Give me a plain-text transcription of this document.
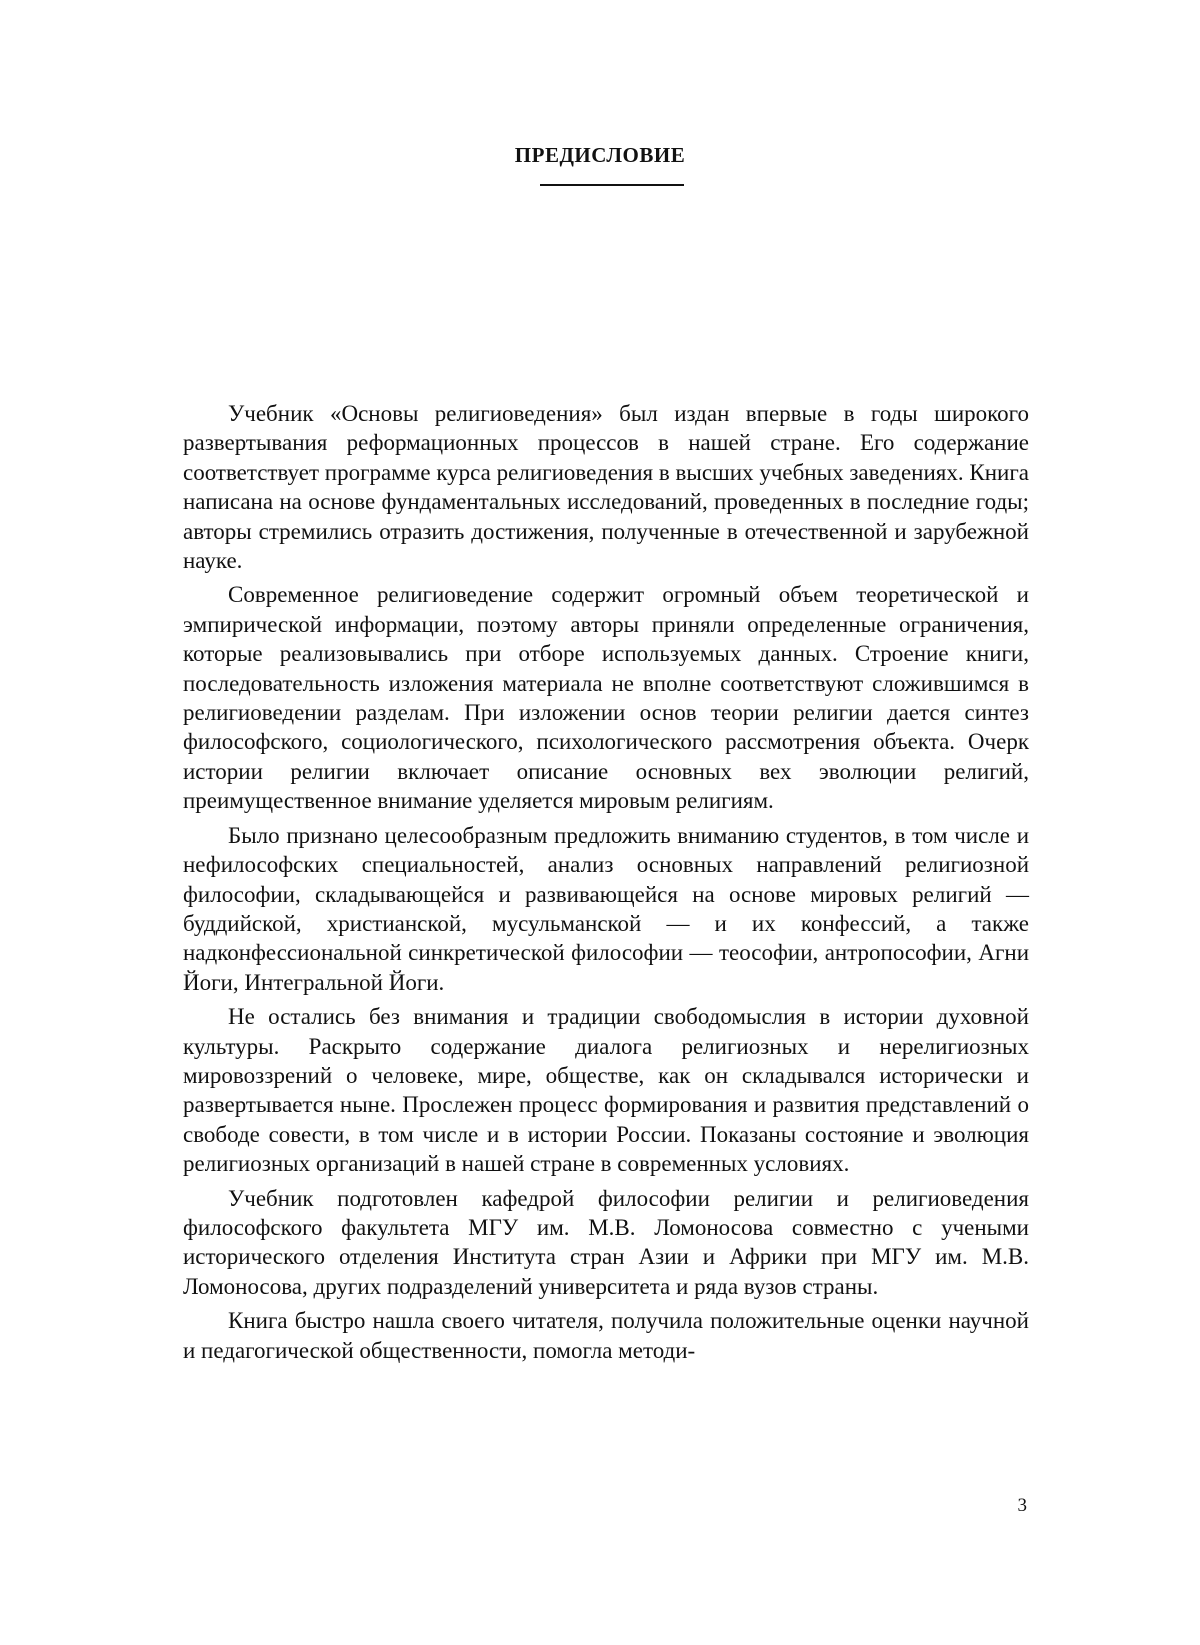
ПРЕДИСЛОВИЕ

Учебник «Основы религиоведения» был издан впервые в годы широкого развертывания реформационных процессов в нашей стране. Его содержание соответствует программе курса религиоведения в высших учебных заведениях. Книга написана на основе фундаментальных исследований, проведенных в последние годы; авторы стремились отразить достижения, полученные в отечественной и зарубежной науке.

Современное религиоведение содержит огромный объем теоретической и эмпирической информации, поэтому авторы приняли определенные ограничения, которые реализовывались при отборе используемых данных. Строение книги, последовательность изложения материала не вполне соответствуют сложившимся в религиоведении разделам. При изложении основ теории религии дается синтез философского, социологического, психологического рассмотрения объекта. Очерк истории религии включает описание основных вех эволюции религий, преимущественное внимание уделяется мировым религиям.

Было признано целесообразным предложить вниманию студентов, в том числе и нефилософских специальностей, анализ основных направлений религиозной философии, складывающейся и развивающейся на основе мировых религий — буддийской, христианской, мусульманской — и их конфессий, а также надконфессиональной синкретической философии — теософии, антропософии, Агни Йоги, Интегральной Йоги.

Не остались без внимания и традиции свободомыслия в истории духовной культуры. Раскрыто содержание диалога религиозных и нерелигиозных мировоззрений о человеке, мире, обществе, как он складывался исторически и развертывается ныне. Прослежен процесс формирования и развития представлений о свободе совести, в том числе и в истории России. Показаны состояние и эволюция религиозных организаций в нашей стране в современных условиях.

Учебник подготовлен кафедрой философии религии и религиоведения философского факультета МГУ им. М.В. Ломоносова совместно с учеными исторического отделения Института стран Азии и Африки при МГУ им. М.В. Ломоносова, других подразделений университета и ряда вузов страны.

Книга быстро нашла своего читателя, получила положительные оценки научной и педагогической общественности, помогла методи-

3
